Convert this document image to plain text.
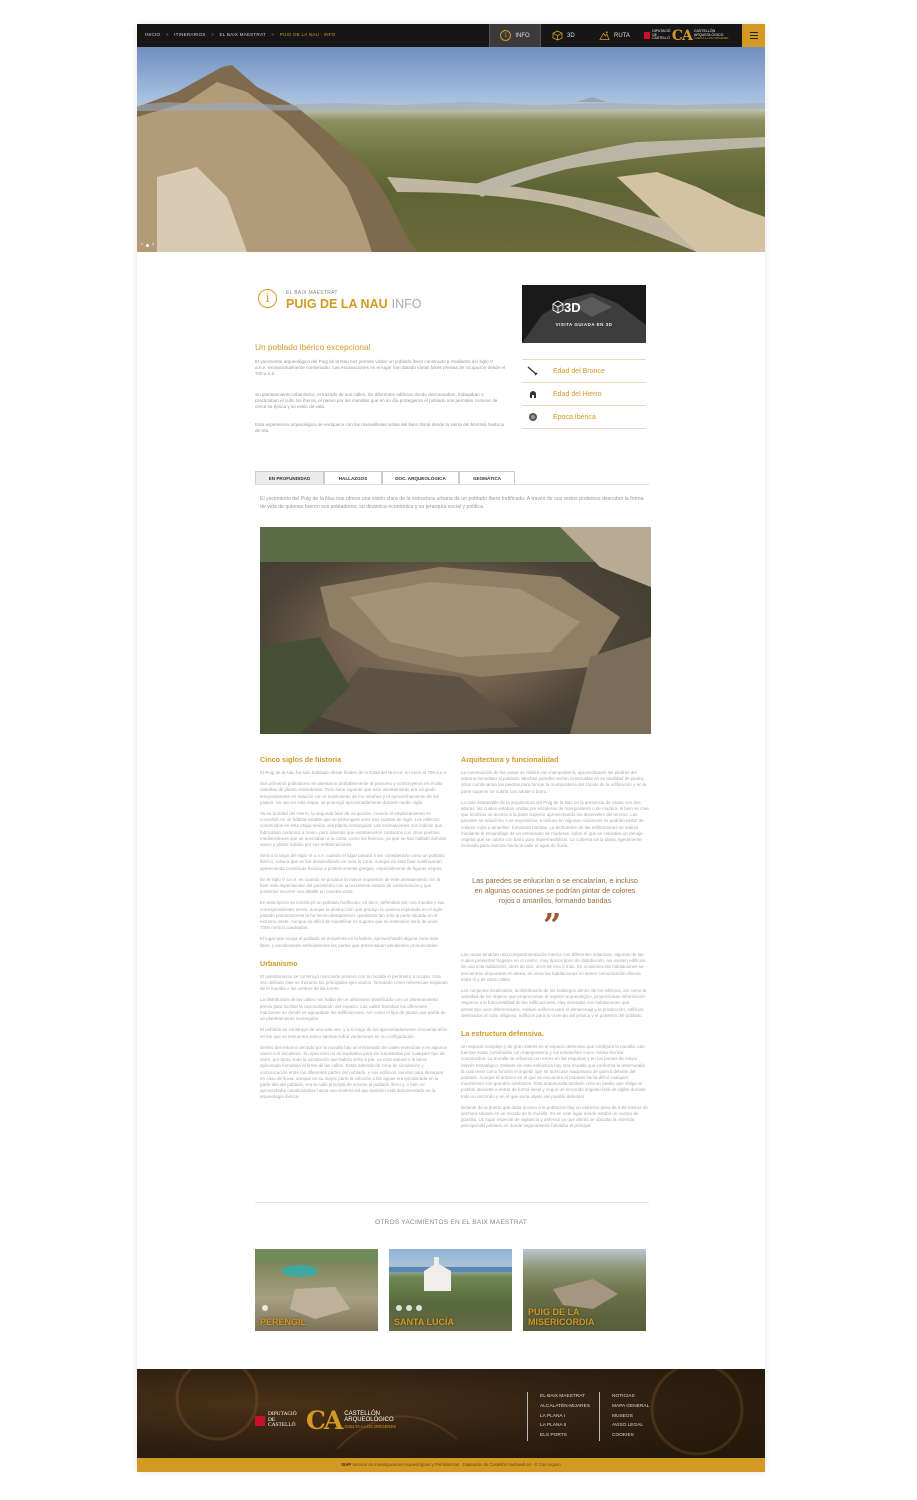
INICIO > ITINERARIOS > EL BAIX MAESTRAT > PUIG DE LA NAU - INFO	i	INFO	3D	RUTA
DIPUTACIÓ DE CASTELLÓ CA CASTELLÓN ARQUEOLÓGICO
VUELTA A LOS ORÍGENES
‹ ›
i	EL BAIX MAESTRAT
PUIG DE LA NAU INFO
Un poblado ibérico excepcional

El yacimiento arqueológico del Puig de la Nau nos permite visitar un poblado íbero construido a mediados del siglo V a.n.e. excepcionalmente conservado. Las excavaciones en el lugar han datado varias fases previas de ocupación desde el 700 a.n.e.

Su planteamiento urbanístico, el trazado de sus calles, los diferentes edificios donde descansaban, trabajaban o practicaban el culto los íberos, el paseo por las murallas que en su día protegieron el poblado nos permiten conocer de cerca su época y su estilo de vida.

Esta experiencia arqueológica se enriquece con las maravillosas vistas del llano litoral desde la sierra del Montsià hasta la de Irta.

3D
VISITA GUIADA EN 3D
Edad del Bronce
Edad del Hierro
Época Ibérica
EN PROFUNDIDAD	HALLAZGOS	DOC. ARQUEOLÓGICA	GEOMÁTICA

El yacimiento del Puig de la Nau nos ofrece una visión clara de la estructura urbana de un poblado íbero fortificado. A través de sus restos podemos descubrir la forma de vida de quienes fueron sus pobladores, su dinámica económica y su jerarquía social y política.

Cinco siglos de historia

El Puig de la Nau ha sido habitado desde finales de la Edad del Bronce, en torno al 700 a.n.e.

Sus primeros pobladores se asentaron probablemente al pastoreo y construyeron en el alto cabañas de planta redondeada. Todo hace suponer que este asentamiento era ocupado temporalmente en relación con el movimiento de los rebaños y el aprovechamiento de los pastos. Su uso en esta etapa, se prolongó aproximadamente durante medio siglo.

Ya en la Edad del Hierro, la segunda fase de ocupación, cuando el emplazamiento se consolidó en un hábitat estable que se prolongará unos tres cuartos de siglo. Los edificios construidos en esta etapa tenían una planta rectangular. Las excavaciones nos indican que fabricaban cerámica a mano, pero además que establecieron contactos con otros pueblos mediterráneos que se acercaban a la costa, como los fenicios, ya que se han hallado ánforas, vasos y platos traídos por sus embarcaciones.

Será a lo largo del siglo VI a.n.e. cuando el lugar pasará a ser considerado como un poblado ibérico, cultura que se fue desarrollando en toda la zona. Aunque en esta fase continuarían apareciendo cerámicas fenicias y posteriormente griegas, especialmente de figuras negras.

En el siglo V a.n.e. es cuando se produce la mayor expansión de este asentamiento. Es la fase más espectacular del yacimiento con un excelente estado de conservación y que podemos recorrer con detalle en nuestra visita.

En esta época se construyó un poblado fortificado, es decir, defendido por una muralla y sus correspondientes torres, aunque la destrucción que produjo la cantera explotada en el siglo pasado prácticamente la ha hecho desaparecer, quedando tan solo la parte situada en el extremo oeste. Aunque es difícil de cuantificar se supone que su extensión sería de unos 7000 metros cuadrados.

El lugar que ocupa el poblado se encuentra en la ladera, aprovechando alguna zona más llana, y escalonando artificialmente las partes que presentaban pendientes pronunciadas.

Urbanismo

El asentamiento se construyó marcando primero con la muralla el perímetro a ocupar. Una vez definido éste se trazaron los principales ejes viarios, formando como referencias esquinas de la muralla o los centros de las torres.

La distribución de las calles nos habla de un urbanismo planificado con un planteamiento previo para facilitar la racionalización del espacio. Las calles trazaban los diferentes manzanas en donde se agrupaban las edificaciones. Así como el tipo de planta que partía de un planteamiento rectangular.

El poblado se construyó de una sola vez, y a lo largo de los aproximadamente cincuenta años en los que se encuentra activo apenas sufrió variaciones en su configuración.

Dentro del entorno cercado por la muralla hay un entramado de calles estrechas y en algunos casos con escaleras. Su ejecución no es equitativa para ser transitadas por cualquier tipo de carro, por tanto, toda la circulación que habría sería a pie. La roca natural o la tierra apisonada formaban el firme de las calles. Estas además de zona de circulación y comunicación entre las diferentes partes del poblado, y sus edificios, servían para desaguar en caso de lluvia, aunque en su mayor parte la solución a las aguas era escalonada en la parte alta del poblado, era la calle principal de acceso al poblado íbero y, o bien se aprovechaba canalizándose hacia una cisterna tal que también está documentado en la arqueología ibérica.

Arquitectura y funcionalidad

La construcción de las casas se realizó con mampostería, aprovechando las piedras del entorno inmediato al poblado. Muchas paredes serían construidas en su totalidad de piedra, otras combinarían las piedras para formar la mampostería del zócalo de la edificación y en la parte superior se cubría con adobe o barro.

Lo más destacable de la arquitectura del Puig de la Nau es la presencia de casas con dos alturas, las cuales estaban unidas por escaleras de mampostería o de madera, si bien se cree que tendrían un acceso a la parte superior aprovechando los desniveles del terreno. Las paredes se enlucirían o se enyesarían, e incluso en algunas ocasiones se podrían pintar de colores rojos o amarillos, formando bandas. La techumbre de las edificaciones se realizó mediante el ensamblaje de un entramado de maderas, sobre el que se colocaba un ramaje vegetal que se cubría con barro para impermeabilizar. La cubierta sería plana, ligeramente inclinada para evacuar hacia la calle el agua de lluvia.

Las paredes se enlucirían o se encalarían, e incluso en algunas ocasiones se podrían pintar de colores rojos o amarillos, formando bandas
”

Las casas tendrían una compartimentación interior con diferentes estancias, algunas de las cuales presentan hogares en el centro, muy típicos tipos de distribución, así existen edificios de una sola habitación, otros de dos, otros de tres o más. En ocasiones las habitaciones se encuentran dispuestas en altura, en otras las habitaciones no tienen comunicación directa entre sí y de otras calles.

Los conjuntos localizados, la distribución de los hallazgos dentro de los edificios, así como la variedad de los objetos que proporcionan el registro arqueológico, proporcionan información respecto a la funcionalidad de las edificaciones. Hay viviendas con habitaciones que presentan usos diferenciados, existen edificios para el almacenaje y la producción, edificios destinados al culto religioso, edificios para la vivienda del jerarca y el gobierno del poblado.

La estructura defensiva.

Un espacio complejo y de gran interés es el espacio defensivo que configura la muralla. Las fuerzas están construidas con mampostería y los ensanches como manta técnica constructiva. La muralla se refuerza con torres en las esquinas y en los puntos de mayor interés estratégico. Delante de esta estructura hay otra muralla que conforma la antemuralla la cual tiene como función el impedir que se acercase maquinaria de guerra delante del poblado. Aunque el entorno en el que se encuentra el poblado hacía difícil cualquier movimiento con grandes artefactos. Esta antemuralla también crea un pasillo que obliga al posible atacante a entrar de forma lineal y seguir un recorrido angosto fácil de vigilar durante todo su recorrido y en el que sería objeto del posible defensor.

Delante de la puerta que daba acceso a la población hay un estrecho paso de 0.90 metros de anchura situado en un recodo de la muralla. Es en este lugar donde estaba un cuerpo de guardia. Un lugar especial de vigilancia y defensa ya que detrás se ubicaba la vivienda principal del poblado en donde seguramente habitaba el príncipe.

OTROS YACIMIENTOS EN EL BAIX MAESTRAT
PERENGIL	SANTA LUCÍA
PUIG DE LA
MISERICORDIA
DIPUTACIÓ DE CASTELLÓ CA CASTELLÓN
ARQUEOLÓGICO
VUELTA A LOS ORÍGENES
EL BAIX MAESTRAT
ALCALATÉN-MIJARES
LA PLANA I
LA PLANA II
ELS PORTS
NOTICIAS
MAPA GENERAL
MUSEOS
AVISO LEGAL
COOKIES
SIAP Servicio de Investigaciones Arqueológicas y Prehistóricas · Diputación de Castellón Vadoweb.es · © Cas Arqueo
